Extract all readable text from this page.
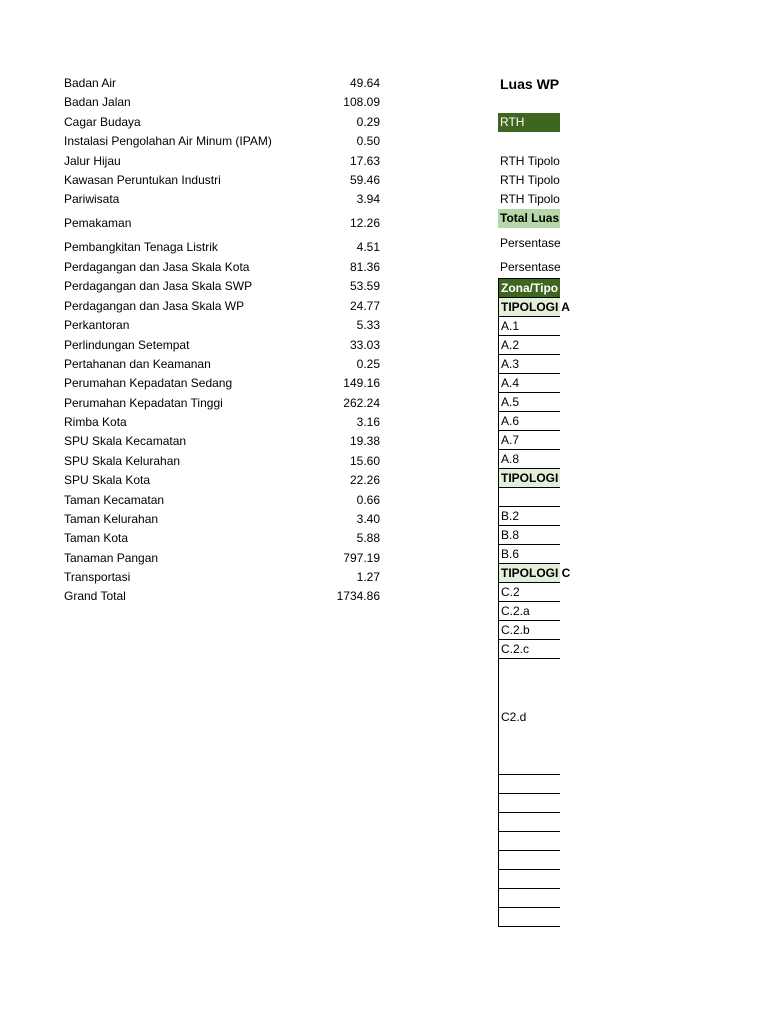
Badan Air	49.64
Badan Jalan	108.09
Cagar Budaya	0.29
Instalasi Pengolahan Air Minum (IPAM)	0.50
Jalur Hijau	17.63
Kawasan Peruntukan Industri	59.46
Pariwisata	3.94
Pemakaman	12.26
Pembangkitan Tenaga Listrik	4.51
Perdagangan dan Jasa Skala Kota	81.36
Perdagangan dan Jasa Skala SWP	53.59
Perdagangan dan Jasa Skala WP	24.77
Perkantoran	5.33
Perlindungan Setempat	33.03
Pertahanan dan Keamanan	0.25
Perumahan Kepadatan Sedang	149.16
Perumahan Kepadatan Tinggi	262.24
Rimba Kota	3.16
SPU Skala Kecamatan	19.38
SPU Skala Kelurahan	15.60
SPU Skala Kota	22.26
Taman Kecamatan	0.66
Taman Kelurahan	3.40
Taman Kota	5.88
Tanaman Pangan	797.19
Transportasi	1.27
Grand Total	1734.86
Luas WP
RTH
RTH Tipolo
RTH Tipolo
RTH Tipolo
Total Luas
Persentase
Persentase
Zona/Tipo
TIPOLOGI A
A.1
A.2
A.3
A.4
A.5
A.6
A.7
A.8
TIPOLOGI
B.2
B.8
B.6
TIPOLOGI C
C.2
C.2.a
C.2.b
C.2.c
C2.d
